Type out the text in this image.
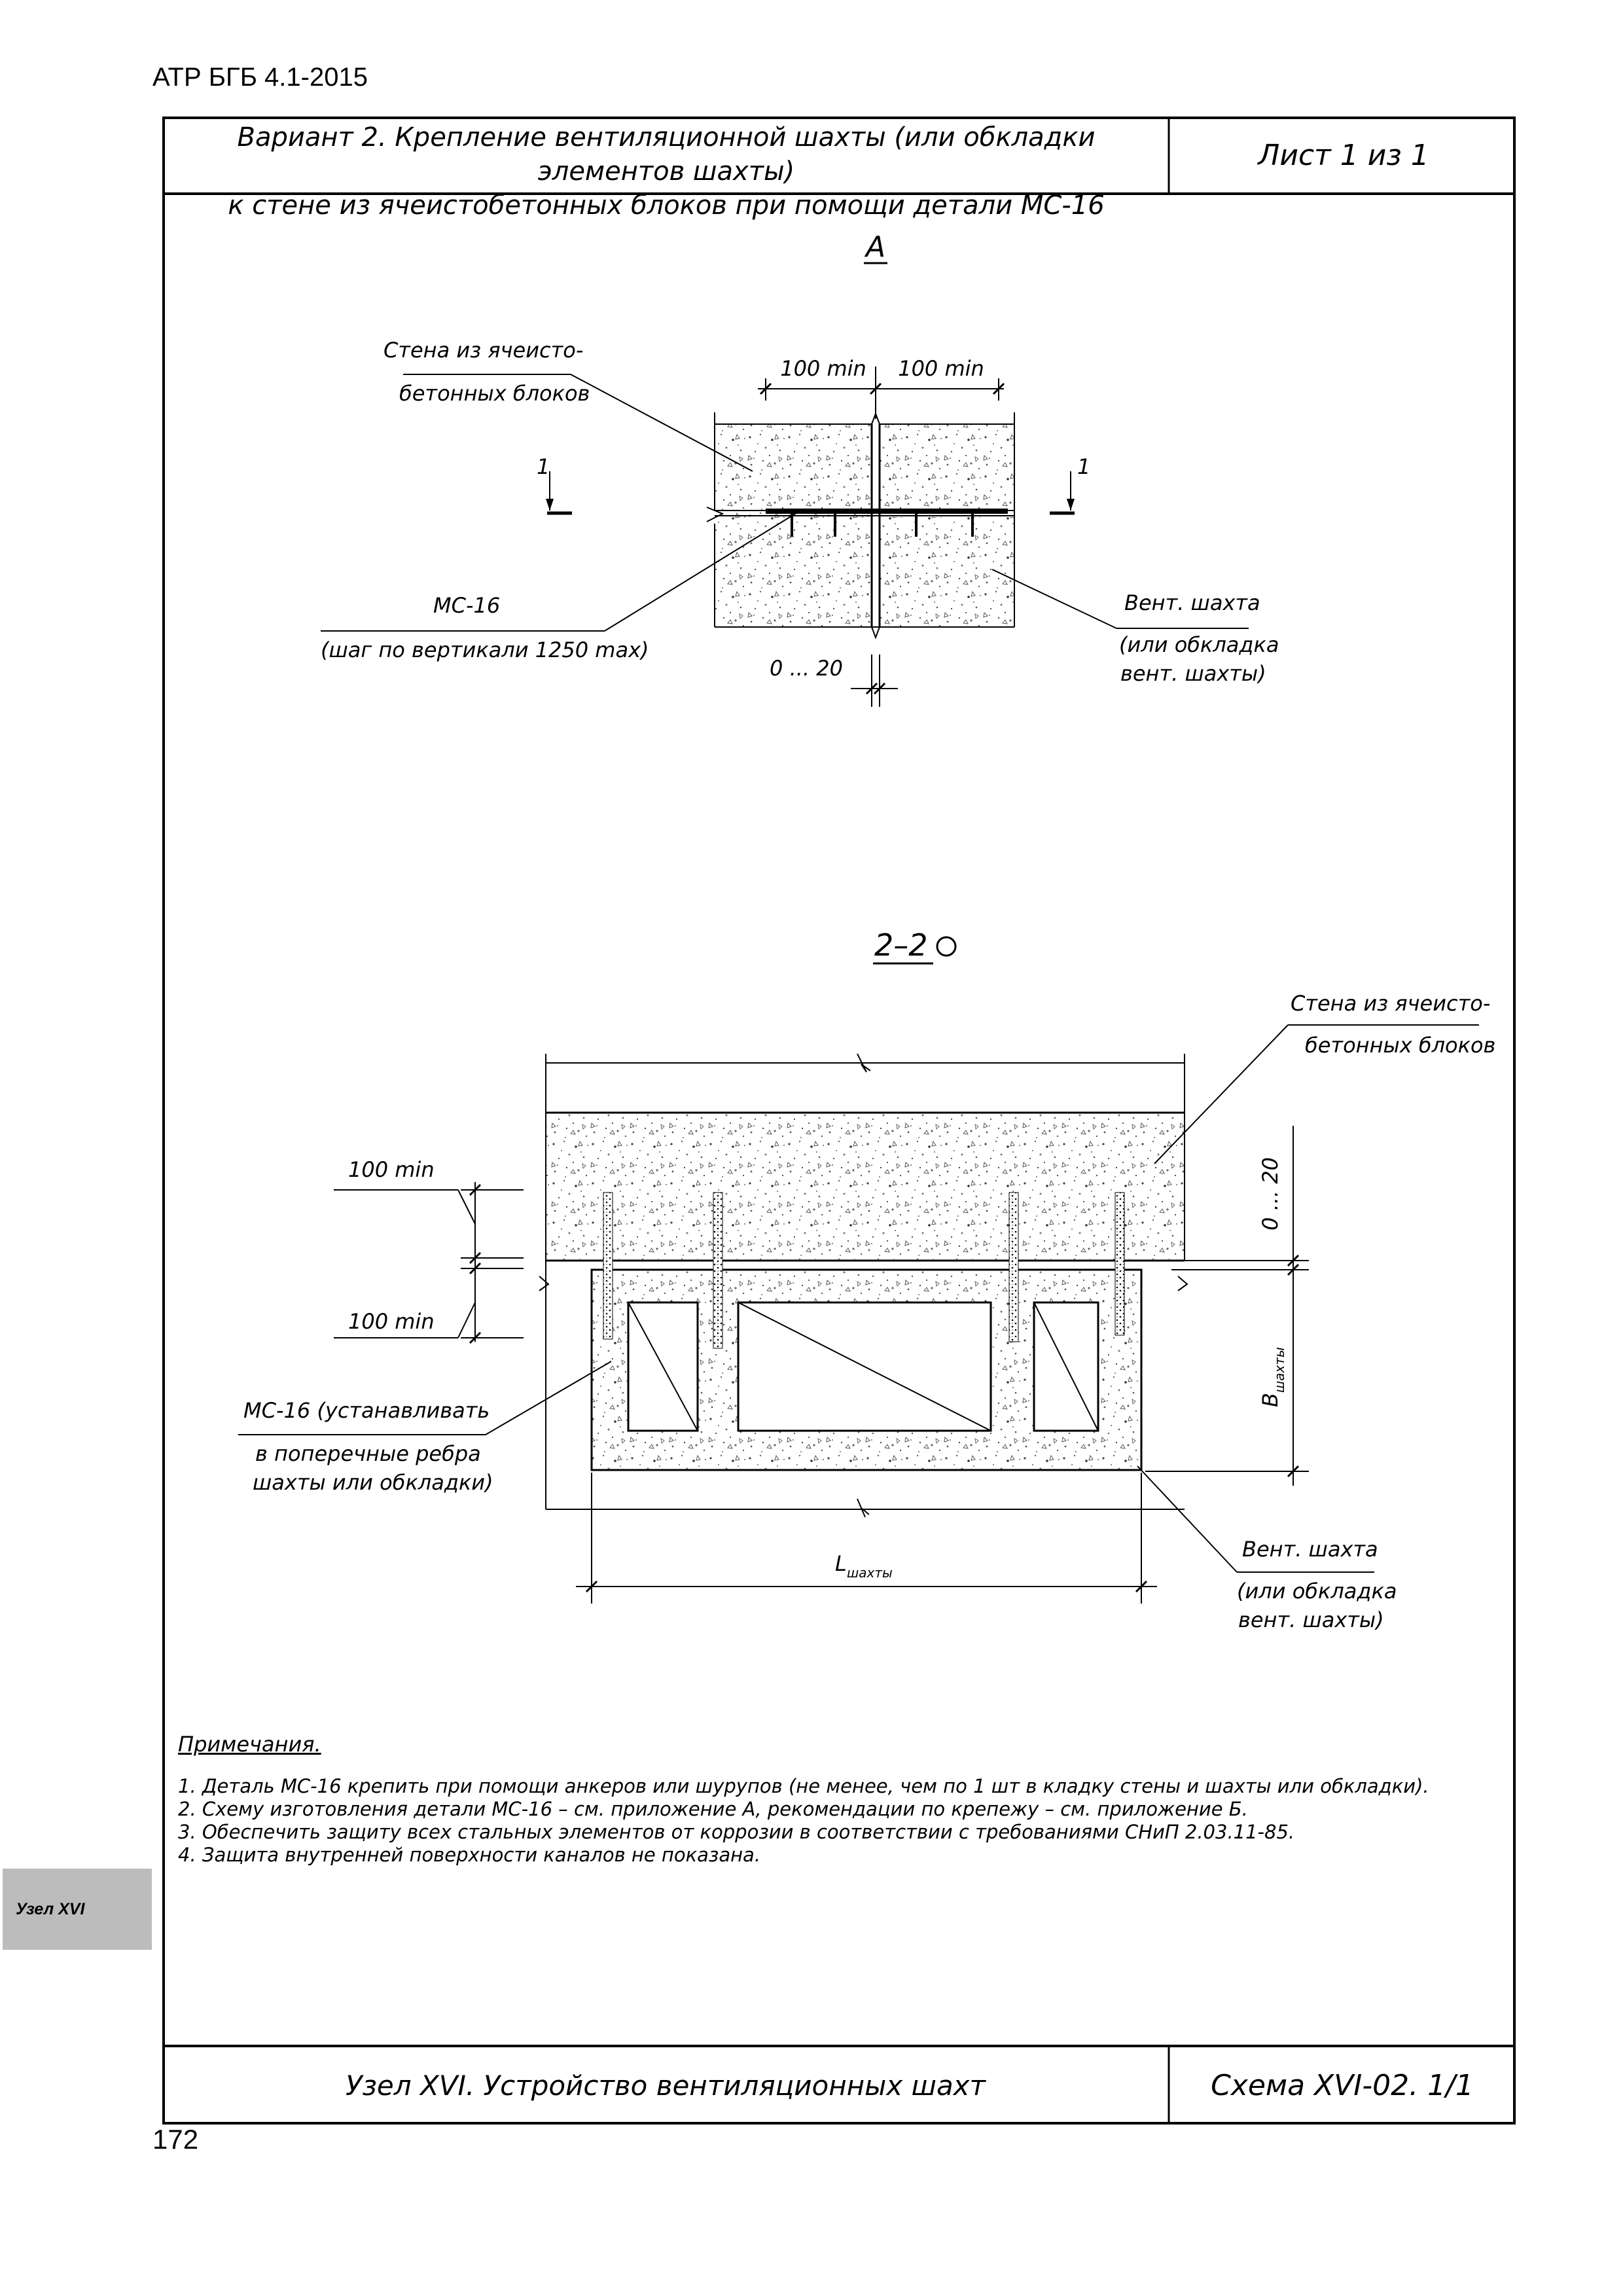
АТР БГБ 4.1-2015
Узел XVI
Вариант 2. Крепление вентиляционной шахты (или обкладки элементов шахты)
к стене из ячеистобетонных блоков при помощи детали МС-16
Лист 1 из 1
А
100 min 100 min
0 ... 20
1	1
Стена из ячеисто-
бетонных блоков
МС-16
(шаг по вертикали 1250 max)
Вент. шахта
(или обкладка
вент. шахты)
2–2
100 min
100 min
0 ... 20
B
шахты
L шахты
Стена из ячеисто-
бетонных блоков
МС-16 (устанавливать
в поперечные ребра
шахты или обкладки)
Вент. шахта
(или обкладка
вент. шахты)
Примечания.
1. Деталь МС-16 крепить при помощи анкеров или шурупов (не менее, чем по 1 шт в кладку стены и шахты или обкладки).
2. Схему изготовления детали МС-16 – см. приложение А, рекомендации по крепежу – см. приложение Б.
3. Обеспечить защиту всех стальных элементов от коррозии в соответствии с требованиями СНиП 2.03.11-85.
4. Защита внутренней поверхности каналов не показана.
Узел XVI. Устройство вентиляционных шахт	Схема XVI-02. 1/1
172
